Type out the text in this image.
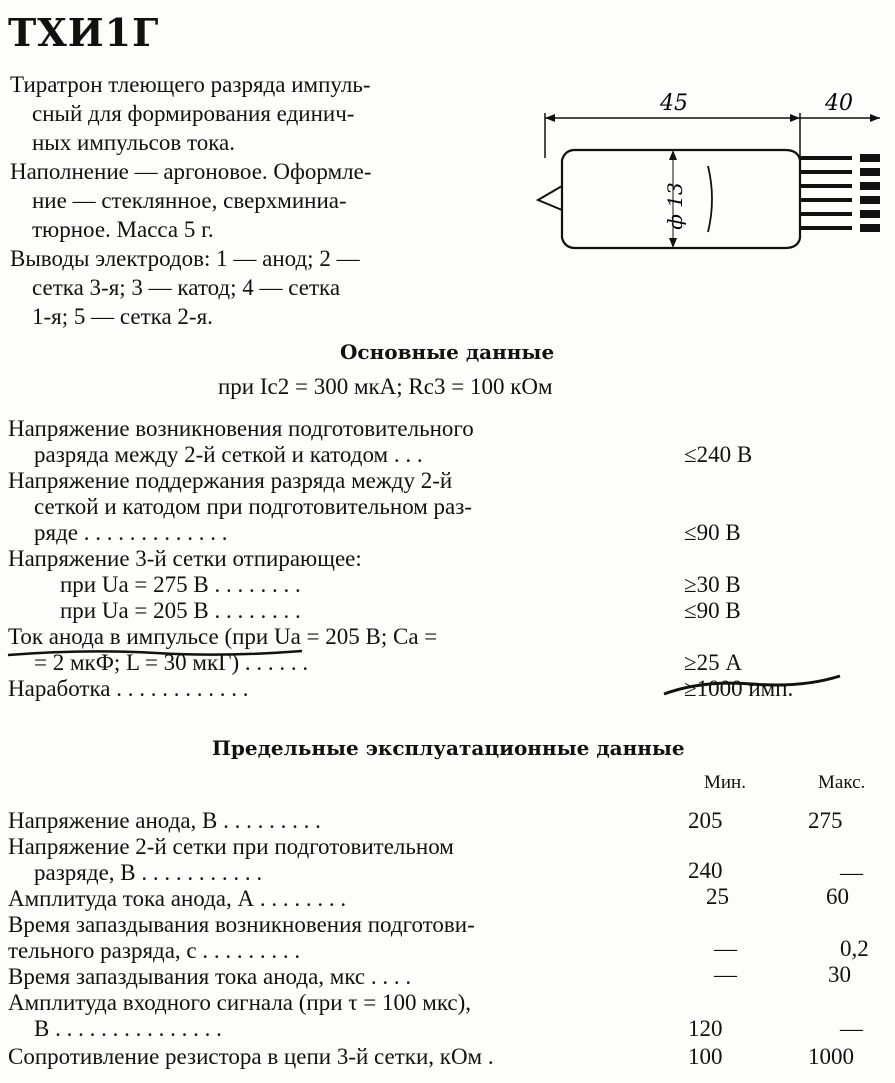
ТХИ1Г
Тиратрон тлеющего разряда импуль-
сный для формирования единич-
ных импульсов тока.
Наполнение — аргоновое. Оформле-
ние — стеклянное, сверхминиа-
тюрное. Масса 5 г.
Выводы электродов: 1 — анод; 2 —
сетка 3-я; 3 — катод; 4 — сетка
1-я; 5 — сетка 2-я.
45	40
ф 13
Основные данные
при Iс2 = 300 мкА; Rс3 = 100 кОм
Напряжение возникновения подготовительного
разряда между 2-й сеткой и катодом . . .	≤240 В
Напряжение поддержания разряда между 2-й
сеткой и катодом при подготовительном раз-
ряде . . . . . . . . . . . . .	≤90 В
Напряжение 3-й сетки отпирающее:
при Uа = 275 В . . . . . . . .	≥30 В
при Uа = 205 В . . . . . . . .	≤90 В
Ток анода в импульсе (при Uа = 205 В; Са =
= 2 мкФ; L = 30 мкГ) . . . . . .	≥25 А
Наработка . . . . . . . . . . . .	≥1000 имп.
Предельные эксплуатационные данные
Мин.	Макс.
Напряжение анода, В . . . . . . . . .	205	275
Напряжение 2-й сетки при подготовительном
разряде, В . . . . . . . . . . .	240	—
Амплитуда тока анода, А . . . . . . . .	25	60
Время запаздывания возникновения подготови-
тельного разряда, с . . . . . . . . .	—	0,2
Время запаздывания тока анода, мкс . . . .	—	30
Амплитуда входного сигнала (при τ = 100 мкс),
В . . . . . . . . . . . . . . .	120	—
Сопротивление резистора в цепи 3-й сетки, кОм .	100	1000
